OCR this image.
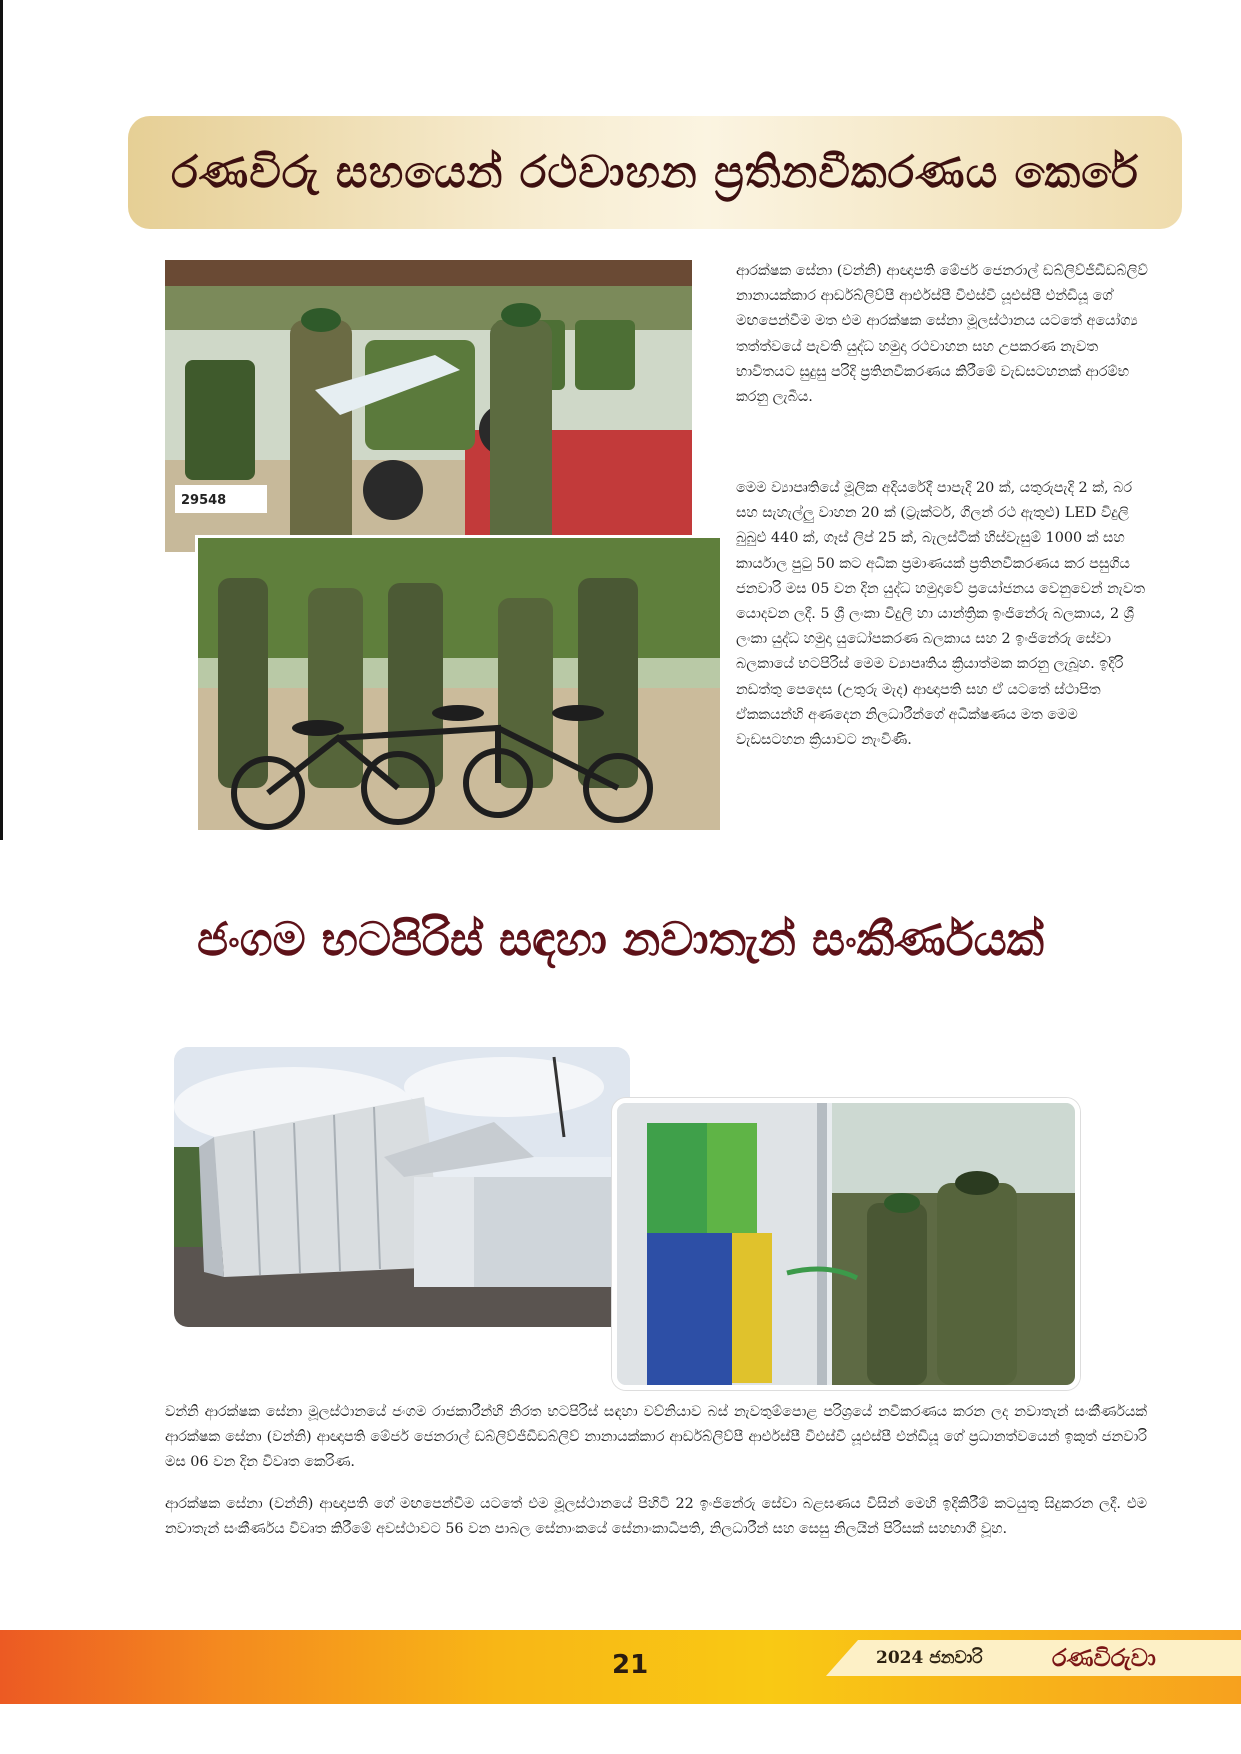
රණවිරු සහයෙන් රථවාහන ප්‍රතිනවීකරණය කෙරේ
29548
ආරක්ෂක සේනා (වන්නි) ආඥාපති මේජර් ජෙනරාල් ඩබ්ලිව්ජීඩීඩබ්ලිව් නානායක්කාර ආර්ඩබ්ලිව්පී ආර්එස්පී වීඑස්වී යූඑස්පී එන්ඩියූ ගේ මඟපෙන්වීම මත එම ආරක්ෂක සේනා මූලස්ථානය යටතේ අයෝග්‍ය තත්ත්වයේ පැවති යුද්ධ හමුදා රථවාහන සහ උපකරණ නැවත භාවිතයට සුදුසු පරිදි ප්‍රතිනවීකරණය කිරීමේ වැඩසටහනක් ආරම්භ කරනු ලැබීය.
මෙම ව්‍යාපෘතියේ මූලික අදියරේදී පාපැදි 20 ක්, යතුරුපැදි 2 ක්, බර සහ සැහැල්ලු වාහන 20 ක් (ට්‍රැක්ටර්, ගිලන් රථ ඇතුළු) LED විදුලි බුබුළු 440 ක්, ගෑස් ලිප් 25 ක්, බැලස්ටික් හිස්වැසුම් 1000 ක් සහ කාර්යාල පුටු 50 කට අධික ප්‍රමාණයක් ප්‍රතිනවීකරණය කර පසුගිය ජනවාරි මස 05 වන දින යුද්ධ හමුදාවේ ප්‍රයෝජනය වෙනුවෙන් නැවත යොදවන ලදී. 5 ශ්‍රී ලංකා විදුලි හා යාන්ත්‍රික ඉංජිනේරු බලකාය, 2 ශ්‍රී ලංකා යුද්ධ හමුදා යුධෝපකරණ බලකාය සහ 2 ඉංජිනේරු සේවා බලකායේ භටපිරිස් මෙම ව්‍යාපෘතිය ක්‍රියාත්මක කරනු ලැබූහ. ඉදිරි නඩත්තු පෙදෙස (උතුරු මැද) ආඥාපති සහ ඒ යටතේ ස්ථාපිත ඒකකයන්හි අණදෙන නිලධාරීන්ගේ අධීක්ෂණය මත මෙම වැඩසටහන ක්‍රියාවට නැංවිණි.
ජංගම භටපිරිස් සඳහා නවාතැන් සංකීර්ණයක්
වන්නි ආරක්ෂක සේනා මූලස්ථානයේ ජංගම රාජකාරීන්හි නිරත භටපිරිස් සඳහා වව්නියාව බස් නැවතුම්පොළ පරිශ්‍රයේ නවීකරණය කරන ලද නවාතැන් සංකීර්ණයක් ආරක්ෂක සේනා (වන්නි) ආඥාපති මේජර් ජෙනරාල් ඩබ්ලිව්ජීඩීඩබ්ලිව් නානායක්කාර ආර්ඩබ්ලිව්පී ආර්එස්පී වීඑස්වී යූඑස්පී එන්ඩියූ ගේ ප්‍රධානත්වයෙන් ඉකුත් ජනවාරි මස 06 වන දින විවෘත කෙරිණ.
ආරක්ෂක සේනා (වන්නි) ආඥාපති ගේ මඟපෙන්වීම යටතේ එම මූලස්ථානයේ පිහිටි 22 ඉංජිනේරු සේවා බළඝණය විසින් මෙහි ඉදිකිරීම් කටයුතු සිදුකරන ලදී. එම නවාතැන් සංකීර්ණය විවෘත කිරීමේ අවස්ථාවට 56 වන පාබල සේනාංකයේ සේනාංකාධිපති, නිලධාරීන් සහ සෙසු නිලයින් පිරිසක් සහභාගී වූහ.
21	2024 ජනවාරි	රණවිරුවා
